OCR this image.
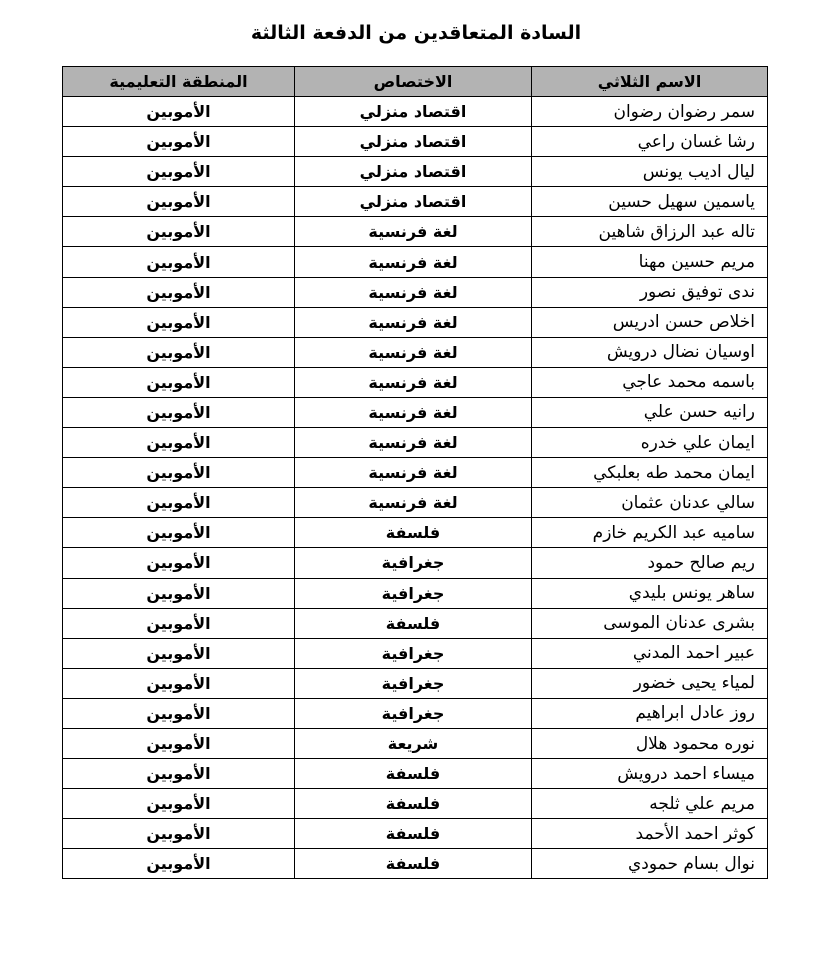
السادة المتعاقدين من الدفعة الثالثة
الاسم الثلاثي	الاختصاص	المنطقة التعليمية
سمر رضوان رضوان	اقتصاد منزلي	الأموبين
رشا غسان راعي	اقتصاد منزلي	الأموبين
ليال اديب يونس	اقتصاد منزلي	الأموبين
ياسمين سهيل حسين	اقتصاد منزلي	الأموبين
تاله عبد الرزاق شاهين	لغة فرنسية	الأموبين
مريم حسين مهنا	لغة فرنسية	الأموبين
ندى توفيق نصور	لغة فرنسية	الأموبين
اخلاص حسن ادريس	لغة فرنسية	الأموبين
اوسيان نضال درويش	لغة فرنسية	الأموبين
باسمه محمد عاجي	لغة فرنسية	الأموبين
رانيه حسن علي	لغة فرنسية	الأموبين
ايمان علي خدره	لغة فرنسية	الأموبين
ايمان محمد طه بعلبكي	لغة فرنسية	الأموبين
سالي عدنان عثمان	لغة فرنسية	الأموبين
ساميه عبد الكريم خازم	فلسفة	الأموبين
ريم صالح حمود	جغرافية	الأموبين
ساهر يونس بليدي	جغرافية	الأموبين
بشرى عدنان الموسى	فلسفة	الأموبين
عبير احمد المدني	جغرافية	الأموبين
لمياء يحيى خضور	جغرافية	الأموبين
روز عادل ابراهيم	جغرافية	الأموبين
نوره محمود هلال	شريعة	الأموبين
ميساء احمد درويش	فلسفة	الأموبين
مريم علي ثلجه	فلسفة	الأموبين
كوثر احمد الأحمد	فلسفة	الأموبين
نوال بسام حمودي	فلسفة	الأموبين
